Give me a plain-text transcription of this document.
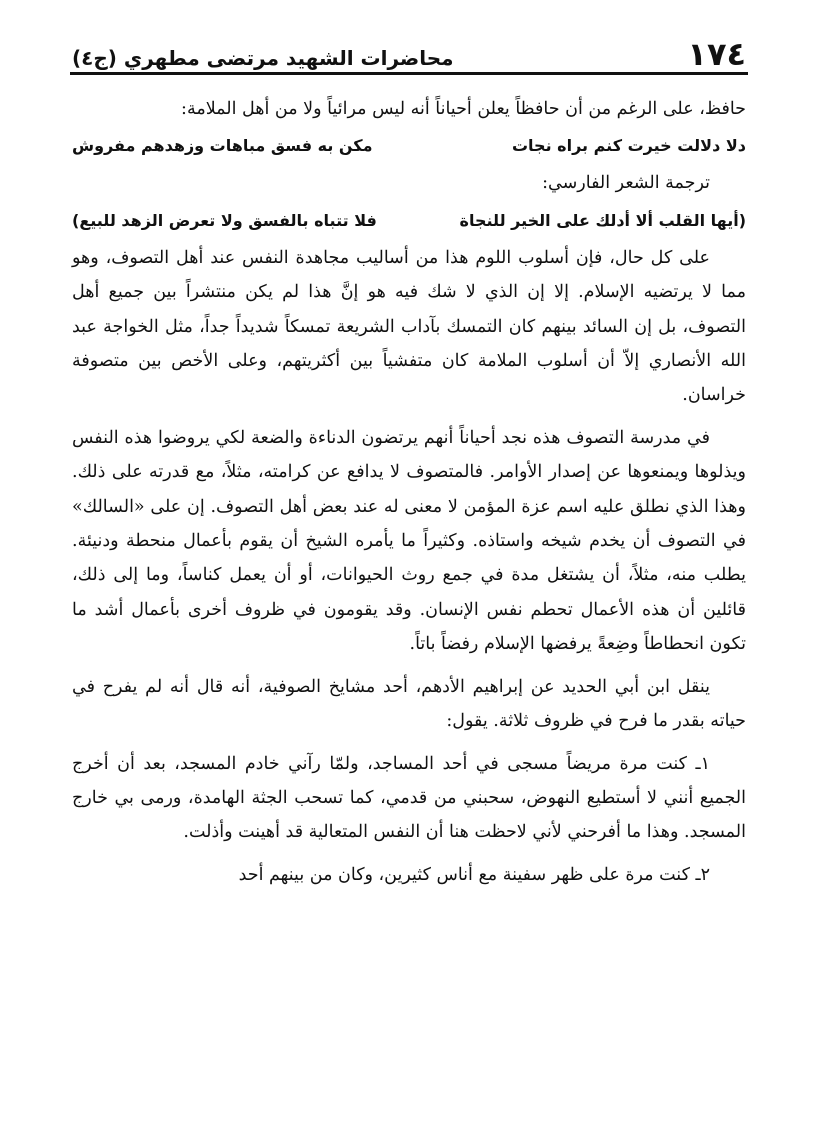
١٧٤
محاضرات الشهيد مرتضى مطهري (ج٤)

حافظ، على الرغم من أن حافظاً يعلن أحياناً أنه ليس مرائياً ولا من أهل الملامة:

دلا دلالت خيرت كنم براه نجات
مكن به فسق مباهات وزهدهم مفروش

ترجمة الشعر الفارسي:

(أيها القلب ألا أدلك على الخير للنجاة
فلا تتباه بالفسق ولا تعرض الزهد للبيع)

على كل حال، فإن أسلوب اللوم هذا من أساليب مجاهدة النفس عند أهل التصوف، وهو مما لا يرتضيه الإسلام. إلا إن الذي لا شك فيه هو إنَّ هذا لم يكن منتشراً بين جميع أهل التصوف، بل إن السائد بينهم كان التمسك بآداب الشريعة تمسكاً شديداً جداً، مثل الخواجة عبد الله الأنصاري إلاّ أن أسلوب الملامة كان متفشياً بين أكثريتهم، وعلى الأخص بين متصوفة خراسان.

في مدرسة التصوف هذه نجد أحياناً أنهم يرتضون الدناءة والضعة لكي يروضوا هذه النفس ويذلوها ويمنعوها عن إصدار الأوامر. فالمتصوف لا يدافع عن كرامته، مثلاً، مع قدرته على ذلك. وهذا الذي نطلق عليه اسم عزة المؤمن لا معنى له عند بعض أهل التصوف. إن على «السالك» في التصوف أن يخدم شيخه واستاذه. وكثيراً ما يأمره الشيخ أن يقوم بأعمال منحطة ودنيئة. يطلب منه، مثلاً، أن يشتغل مدة في جمع روث الحيوانات، أو أن يعمل كناساً، وما إلى ذلك، قائلين أن هذه الأعمال تحطم نفس الإنسان. وقد يقومون في ظروف أخرى بأعمال أشد ما تكون انحطاطاً وضِعةً يرفضها الإسلام رفضاً باتاً.

ينقل ابن أبي الحديد عن إبراهيم الأدهم، أحد مشايخ الصوفية، أنه قال أنه لم يفرح في حياته بقدر ما فرح في ظروف ثلاثة. يقول:

١ـ كنت مرة مريضاً مسجى في أحد المساجد، ولمّا رآني خادم المسجد، بعد أن أخرج الجميع أنني لا أستطيع النهوض، سحبني من قدمي، كما تسحب الجثة الهامدة، ورمى بي خارج المسجد. وهذا ما أفرحني لأني لاحظت هنا أن النفس المتعالية قد أهينت وأذلت.

٢ـ كنت مرة على ظهر سفينة مع أناس كثيرين، وكان من بينهم أحد
